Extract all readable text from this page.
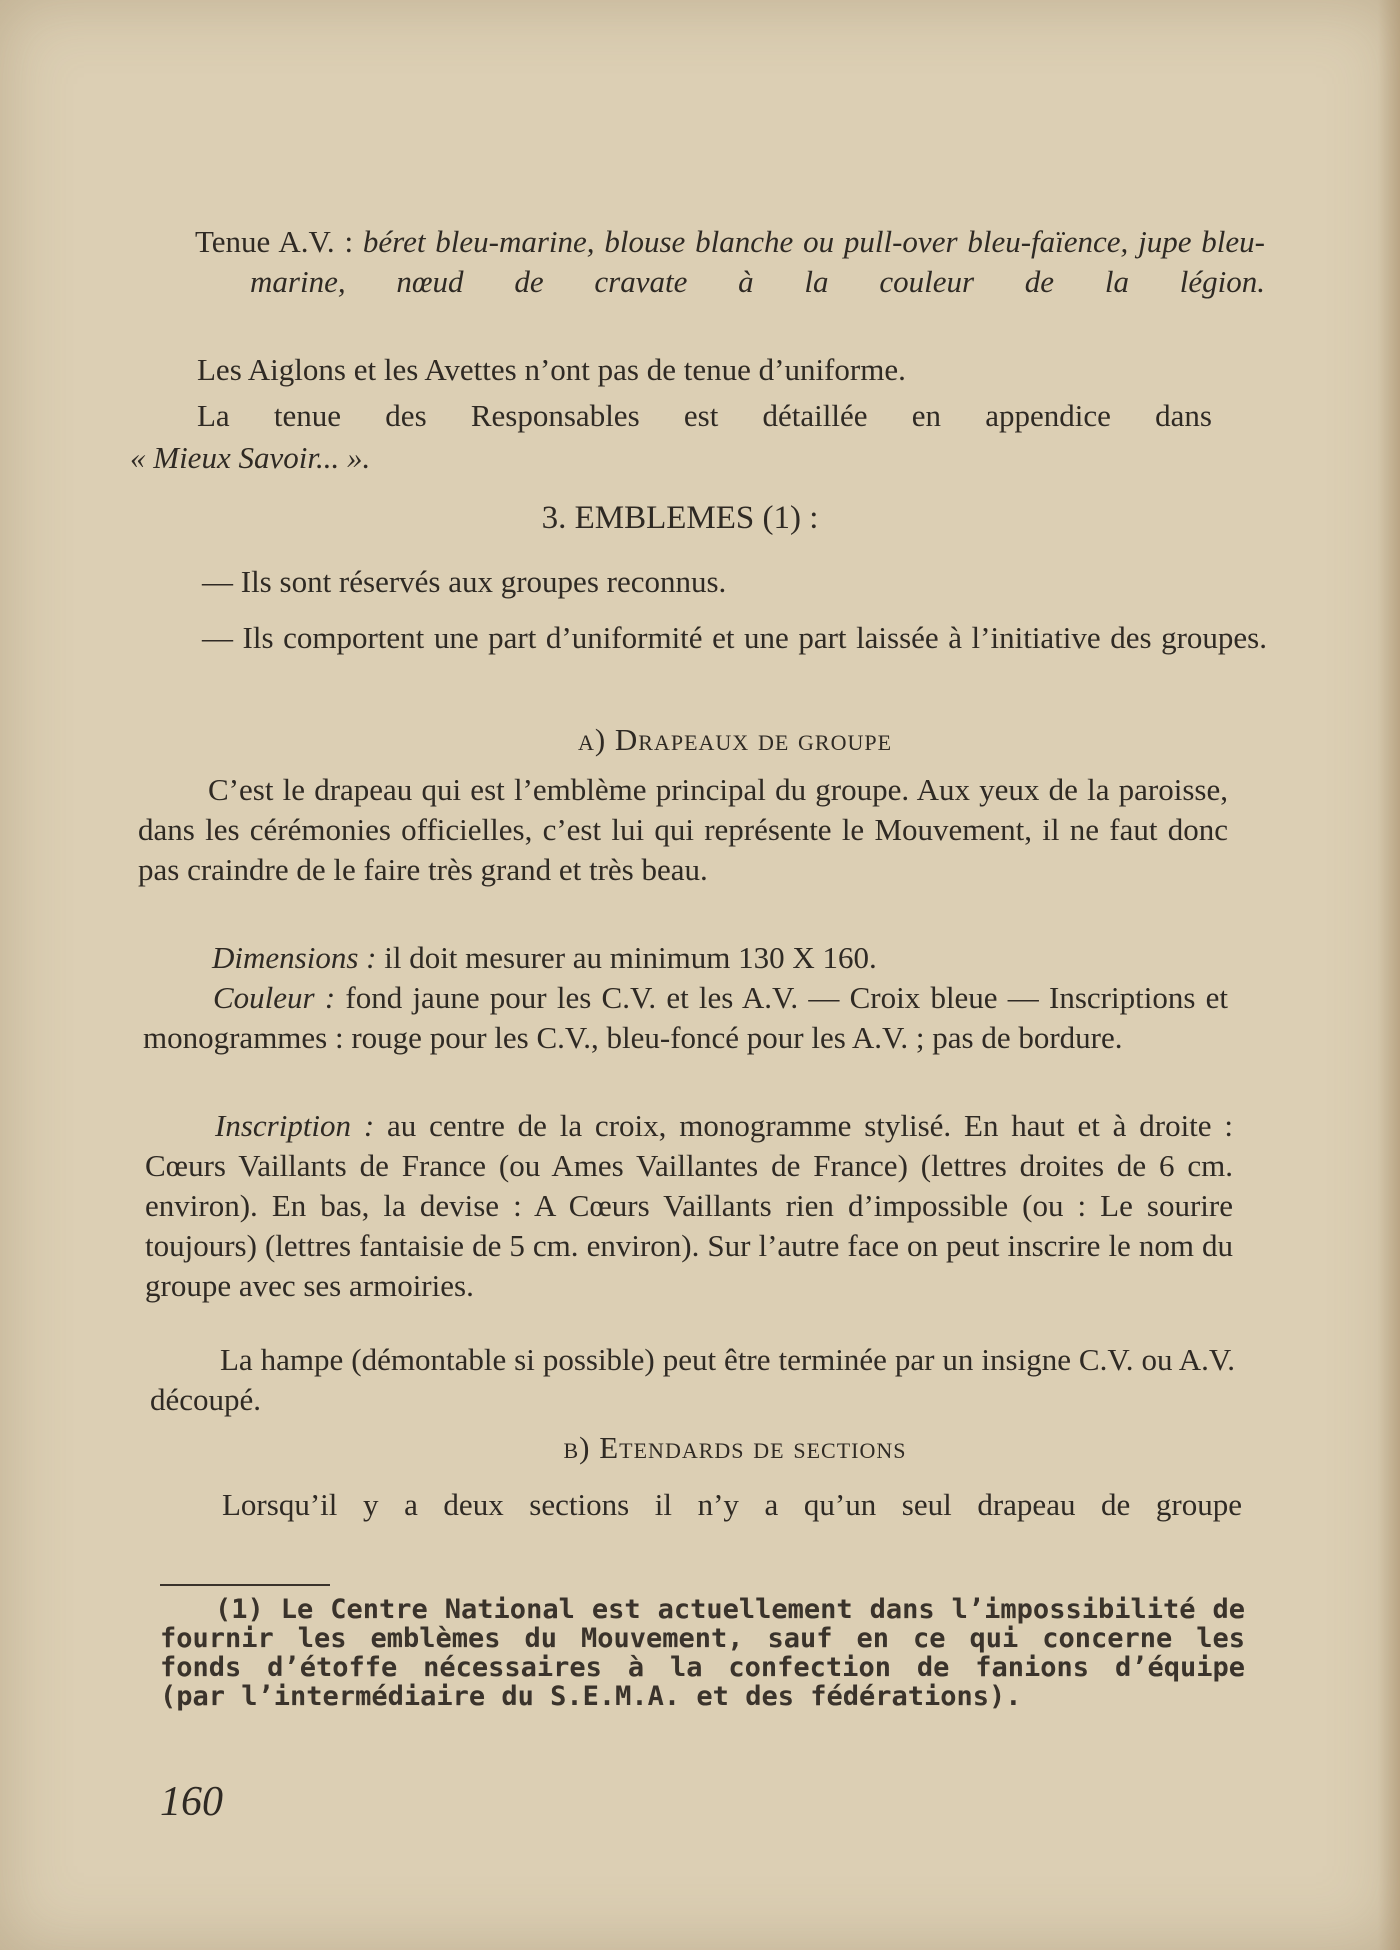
Tenue A.V. : béret bleu-marine, blouse blanche ou pull-over bleu-faïence, jupe bleu-marine, nœud de cravate à la couleur de la légion.
Les Aiglons et les Avettes n’ont pas de tenue d’uniforme.
La tenue des Responsables est détaillée en appendice dans
« Mieux Savoir... ».
3. EMBLEMES (1) :
— Ils sont réservés aux groupes reconnus.
— Ils comportent une part d’uniformité et une part laissée à l’initiative des groupes.
a) Drapeaux de groupe
C’est le drapeau qui est l’emblème principal du groupe. Aux yeux de la paroisse, dans les cérémonies officielles, c’est lui qui représente le Mouvement, il ne faut donc pas craindre de le faire très grand et très beau.
Dimensions : il doit mesurer au minimum 130 X 160.
Couleur : fond jaune pour les C.V. et les A.V. — Croix bleue — Inscriptions et monogrammes : rouge pour les C.V., bleu-foncé pour les A.V. ; pas de bordure.
Inscription : au centre de la croix, monogramme stylisé. En haut et à droite : Cœurs Vaillants de France (ou Ames Vaillantes de France) (lettres droites de 6 cm. environ). En bas, la devise : A Cœurs Vaillants rien d’impossible (ou : Le sourire toujours) (lettres fantaisie de 5 cm. environ). Sur l’autre face on peut inscrire le nom du groupe avec ses armoiries.
La hampe (démontable si possible) peut être terminée par un insigne C.V. ou A.V. découpé.
b) Etendards de sections
Lorsqu’il y a deux sections il n’y a qu’un seul drapeau de groupe
(1) Le Centre National est actuellement dans l’impossibilité de fournir les emblèmes du Mouvement, sauf en ce qui concerne les fonds d’étoffe nécessaires à la confection de fanions d’équipe (par l’intermédiaire du S.E.M.A. et des fédérations).
160
